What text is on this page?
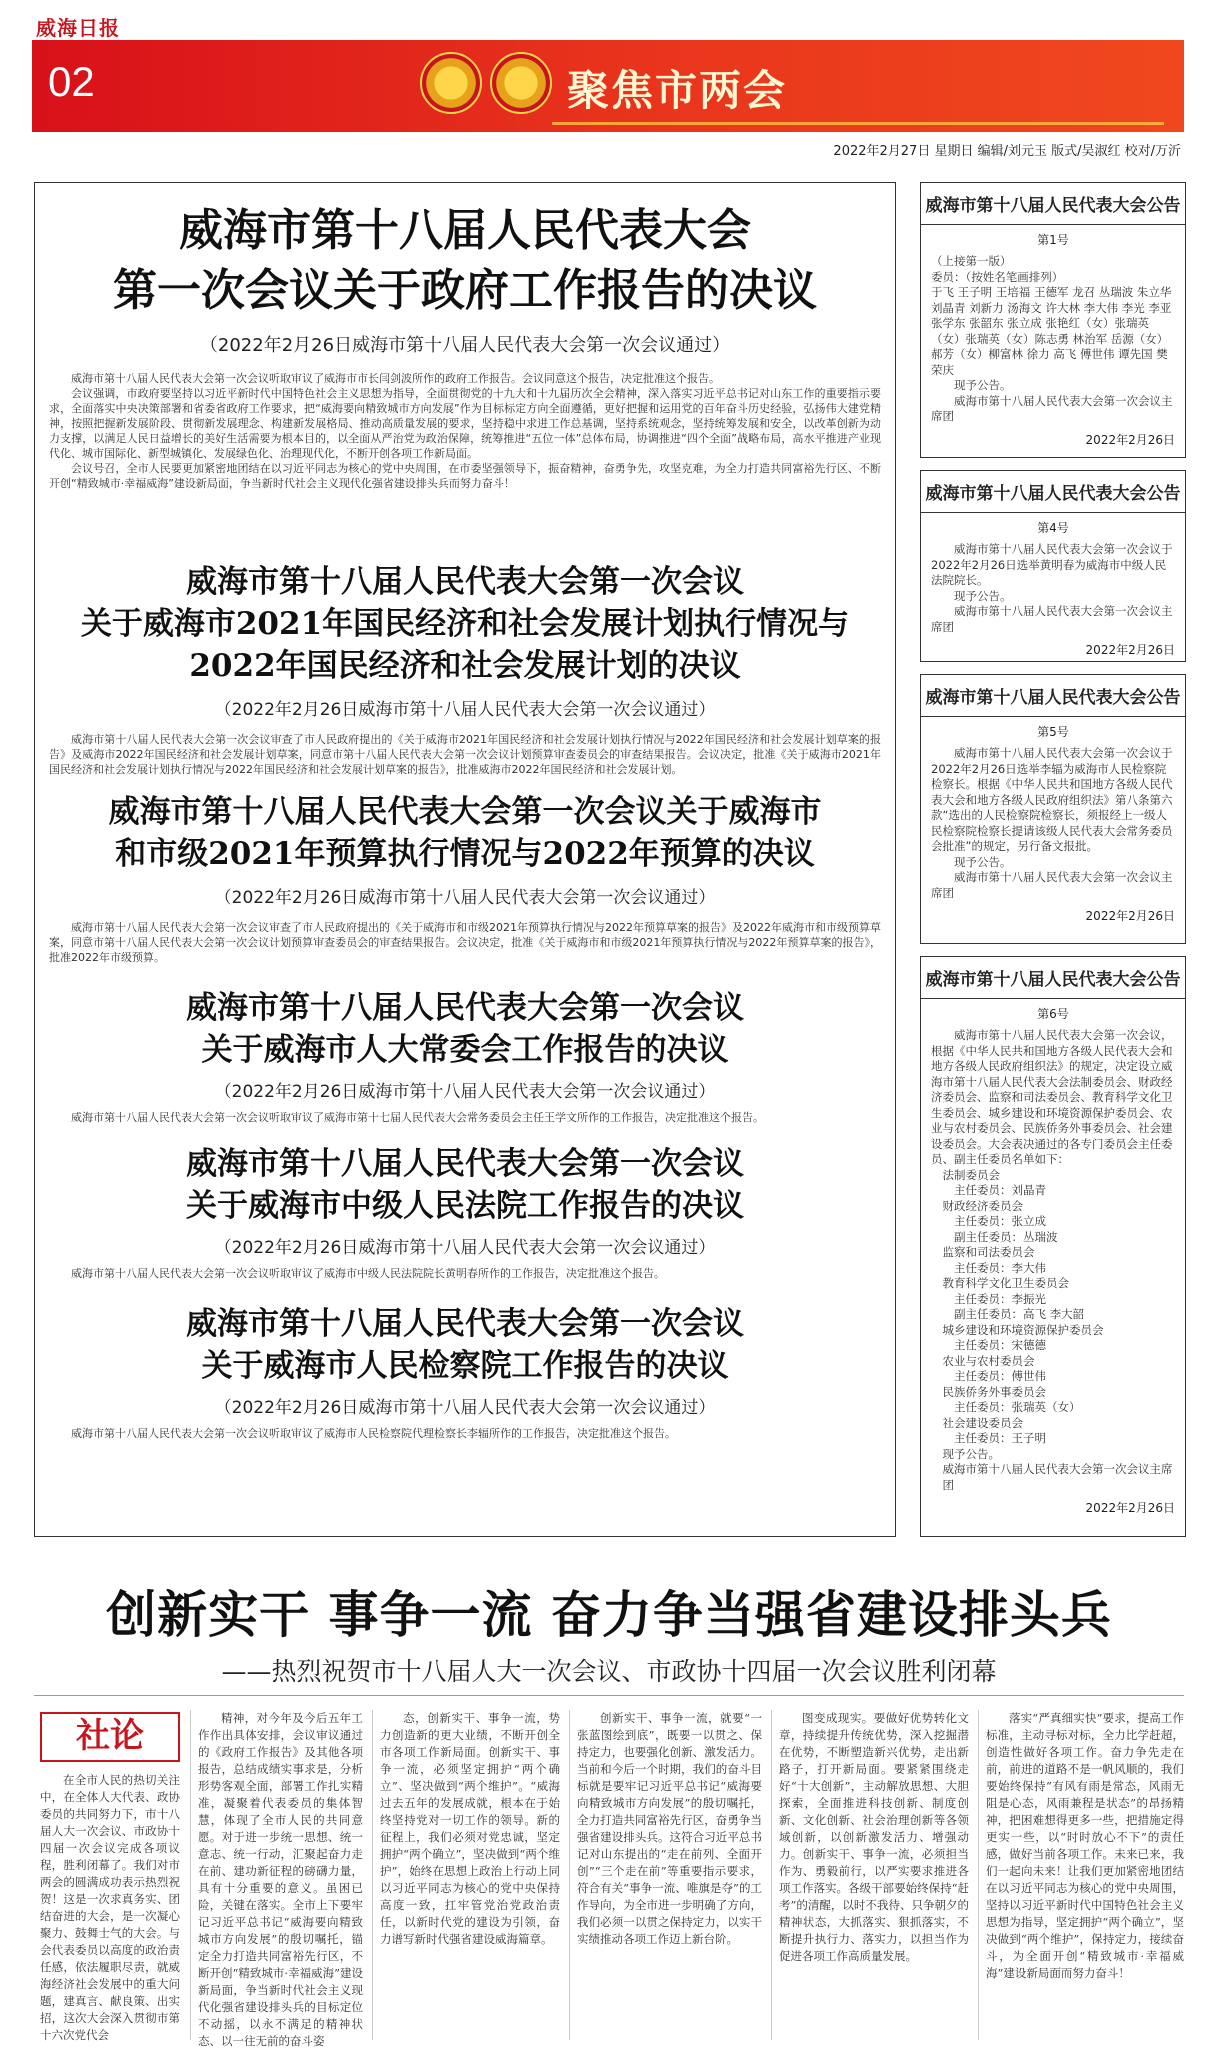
威海日报
02	聚焦市两会
2022年2月27日 星期日 编辑/刘元玉 版式/吴淑红 校对/万沂
威海市第十八届人民代表大会
第一次会议关于政府工作报告的决议
（2022年2月26日威海市第十八届人民代表大会第一次会议通过）

威海市第十八届人民代表大会第一次会议听取审议了威海市市长闫剑波所作的政府工作报告。会议同意这个报告，决定批准这个报告。

会议强调，市政府要坚持以习近平新时代中国特色社会主义思想为指导，全面贯彻党的十九大和十九届历次全会精神，深入落实习近平总书记对山东工作的重要指示要求，全面落实中央决策部署和省委省政府工作要求，把“威海要向精致城市方向发展”作为目标标定方向全面遵循，更好把握和运用党的百年奋斗历史经验，弘扬伟大建党精神，按照把握新发展阶段、贯彻新发展理念、构建新发展格局、推动高质量发展的要求，坚持稳中求进工作总基调，坚持系统观念，坚持统筹发展和安全，以改革创新为动力支撑，以满足人民日益增长的美好生活需要为根本目的，以全面从严治党为政治保障，统筹推进“五位一体”总体布局，协调推进“四个全面”战略布局，高水平推进产业现代化、城市国际化、新型城镇化、发展绿色化、治理现代化，不断开创各项工作新局面。

会议号召，全市人民要更加紧密地团结在以习近平同志为核心的党中央周围，在市委坚强领导下，振奋精神，奋勇争先，攻坚克难，为全力打造共同富裕先行区、不断开创“精致城市·幸福威海”建设新局面，争当新时代社会主义现代化强省建设排头兵而努力奋斗！

威海市第十八届人民代表大会第一次会议
关于威海市2021年国民经济和社会发展计划执行情况与
2022年国民经济和社会发展计划的决议
（2022年2月26日威海市第十八届人民代表大会第一次会议通过）

威海市第十八届人民代表大会第一次会议审查了市人民政府提出的《关于威海市2021年国民经济和社会发展计划执行情况与2022年国民经济和社会发展计划草案的报告》及威海市2022年国民经济和社会发展计划草案，同意市第十八届人民代表大会第一次会议计划预算审查委员会的审查结果报告。会议决定，批准《关于威海市2021年国民经济和社会发展计划执行情况与2022年国民经济和社会发展计划草案的报告》，批准威海市2022年国民经济和社会发展计划。

威海市第十八届人民代表大会第一次会议关于威海市
和市级2021年预算执行情况与2022年预算的决议
（2022年2月26日威海市第十八届人民代表大会第一次会议通过）

威海市第十八届人民代表大会第一次会议审查了市人民政府提出的《关于威海市和市级2021年预算执行情况与2022年预算草案的报告》及2022年威海市和市级预算草案，同意市第十八届人民代表大会第一次会议计划预算审查委员会的审查结果报告。会议决定，批准《关于威海市和市级2021年预算执行情况与2022年预算草案的报告》，批准2022年市级预算。

威海市第十八届人民代表大会第一次会议
关于威海市人大常委会工作报告的决议
（2022年2月26日威海市第十八届人民代表大会第一次会议通过）

威海市第十八届人民代表大会第一次会议听取审议了威海市第十七届人民代表大会常务委员会主任王学文所作的工作报告，决定批准这个报告。

威海市第十八届人民代表大会第一次会议
关于威海市中级人民法院工作报告的决议
（2022年2月26日威海市第十八届人民代表大会第一次会议通过）

威海市第十八届人民代表大会第一次会议听取审议了威海市中级人民法院院长黄明春所作的工作报告，决定批准这个报告。

威海市第十八届人民代表大会第一次会议
关于威海市人民检察院工作报告的决议
（2022年2月26日威海市第十八届人民代表大会第一次会议通过）

威海市第十八届人民代表大会第一次会议听取审议了威海市人民检察院代理检察长李辐所作的工作报告，决定批准这个报告。

威海市第十八届人民代表大会公告
第1号

（上接第一版）

委员：（按姓名笔画排列）

于飞 王子明 王培福 王德军 龙召 丛瑞波 朱立华 刘晶青 刘新力 汤海文 许大林 李大伟 李光 李亚 张学东 张韶东 张立成 张艳红（女）张瑞英（女）张瑞英（女）陈志勇 林治军 岳源（女）郝芳（女）柳富林 徐力 高飞 傅世伟 谭先国 樊荣庆

现予公告。

威海市第十八届人民代表大会第一次会议主席团

2022年2月26日
威海市第十八届人民代表大会公告
第4号

威海市第十八届人民代表大会第一次会议于2022年2月26日选举黄明春为威海市中级人民法院院长。

现予公告。

威海市第十八届人民代表大会第一次会议主席团

2022年2月26日
威海市第十八届人民代表大会公告
第5号

威海市第十八届人民代表大会第一次会议于2022年2月26日选举李辐为威海市人民检察院检察长。根据《中华人民共和国地方各级人民代表大会和地方各级人民政府组织法》第八条第六款“选出的人民检察院检察长，须报经上一级人民检察院检察长提请该级人民代表大会常务委员会批准”的规定，另行备文报批。

现予公告。

威海市第十八届人民代表大会第一次会议主席团

2022年2月26日
威海市第十八届人民代表大会公告
第6号

威海市第十八届人民代表大会第一次会议，根据《中华人民共和国地方各级人民代表大会和地方各级人民政府组织法》的规定，决定设立威海市第十八届人民代表大会法制委员会、财政经济委员会、监察和司法委员会、教育科学文化卫生委员会、城乡建设和环境资源保护委员会、农业与农村委员会、民族侨务外事委员会、社会建设委员会。大会表决通过的各专门委员会主任委员、副主任委员名单如下：

法制委员会

主任委员：刘晶青

财政经济委员会

主任委员：张立成

副主任委员：丛瑞波

监察和司法委员会

主任委员：李大伟

教育科学文化卫生委员会

主任委员：李振光

副主任委员：高飞 李大韶

城乡建设和环境资源保护委员会

主任委员：宋德德

农业与农村委员会

主任委员：傅世伟

民族侨务外事委员会

主任委员：张瑞英（女）

社会建设委员会

主任委员：王子明

现予公告。

威海市第十八届人民代表大会第一次会议主席团

2022年2月26日
创新实干 事争一流 奋力争当强省建设排头兵
——热烈祝贺市十八届人大一次会议、市政协十四届一次会议胜利闭幕
社论

在全市人民的热切关注中，在全体人大代表、政协委员的共同努力下，市十八届人大一次会议、市政协十四届一次会议完成各项议程，胜利闭幕了。我们对市两会的圆满成功表示热烈祝贺！这是一次求真务实、团结奋进的大会，是一次凝心聚力、鼓舞士气的大会。与会代表委员以高度的政治责任感，依法履职尽责，就威海经济社会发展中的重大问题，建真言、献良策、出实招，这次大会深入贯彻市第十六次党代会

精神，对今年及今后五年工作作出具体安排，会议审议通过的《政府工作报告》及其他各项报告，总结成绩实事求是，分析形势客观全面，部署工作扎实精准，凝聚着代表委员的集体智慧，体现了全市人民的共同意愿。对于进一步统一思想、统一意志、统一行动，汇聚起奋力走在前、建功新征程的磅礴力量，具有十分重要的意义。虽困已险，关键在落实。全市上下要牢记习近平总书记“威海要向精致城市方向发展”的殷切嘱托，锚定全力打造共同富裕先行区，不断开创“精致城市·幸福威海”建设新局面，争当新时代社会主义现代化强省建设排头兵的目标定位不动摇，以永不满足的精神状态、以一往无前的奋斗姿

态，创新实干、事争一流，势力创造新的更大业绩，不断开创全市各项工作新局面。创新实干、事争一流，必须坚定拥护“两个确立”、坚决做到“两个维护”。“威海过去五年的发展成就，根本在于始终坚持党对一切工作的领导。新的征程上，我们必须对党忠诚，坚定拥护“两个确立”，坚决做到“两个维护”，始终在思想上政治上行动上同以习近平同志为核心的党中央保持高度一致，扛牢管党治党政治责任，以新时代党的建设为引领，奋力谱写新时代强省建设威海篇章。

创新实干、事争一流，就要“一张蓝图绘到底”，既要一以贯之、保持定力，也要强化创新、激发活力。当前和今后一个时期，我们的奋斗目标就是要牢记习近平总书记“威海要向精致城市方向发展”的殷切嘱托，全力打造共同富裕先行区，奋勇争当强省建设排头兵。这符合习近平总书记对山东提出的“走在前列、全面开创”“三个走在前”等重要指示要求，符合有关“事争一流、唯旗是夺”的工作导向，为全市进一步明确了方向，我们必须一以贯之保持定力，以实干实绩推动各项工作迈上新台阶。

图变成现实。要做好优势转化文章，持续提升传统优势，深入挖掘潜在优势，不断塑造新兴优势，走出新路子，打开新局面。要紧紧围绕走好“十大创新”，主动解放思想、大胆探索，全面推进科技创新、制度创新、文化创新、社会治理创新等各领域创新，以创新激发活力、增强动力。创新实干、事争一流，必须担当作为、勇毅前行，以严实要求推进各项工作落实。各级干部要始终保持“赶考”的清醒，以时不我待、只争朝夕的精神状态，大抓落实、狠抓落实，不断提升执行力、落实力，以担当作为促进各项工作高质量发展。

落实“严真细实快”要求，提高工作标准，主动寻标对标，全力比学赶超，创造性做好各项工作。奋力争先走在前，前进的道路不是一帆风顺的，我们要始终保持“有风有雨是常态，风雨无阻是心态，风雨兼程是状态”的昂扬精神，把困难想得更多一些，把措施定得更实一些，以“时时放心不下”的责任感，做好当前各项工作。未来已来，我们一起向未来！让我们更加紧密地团结在以习近平同志为核心的党中央周围，坚持以习近平新时代中国特色社会主义思想为指导，坚定拥护“两个确立”，坚决做到“两个维护”，保持定力，接续奋斗，为全面开创“精致城市·幸福威海”建设新局面而努力奋斗！
